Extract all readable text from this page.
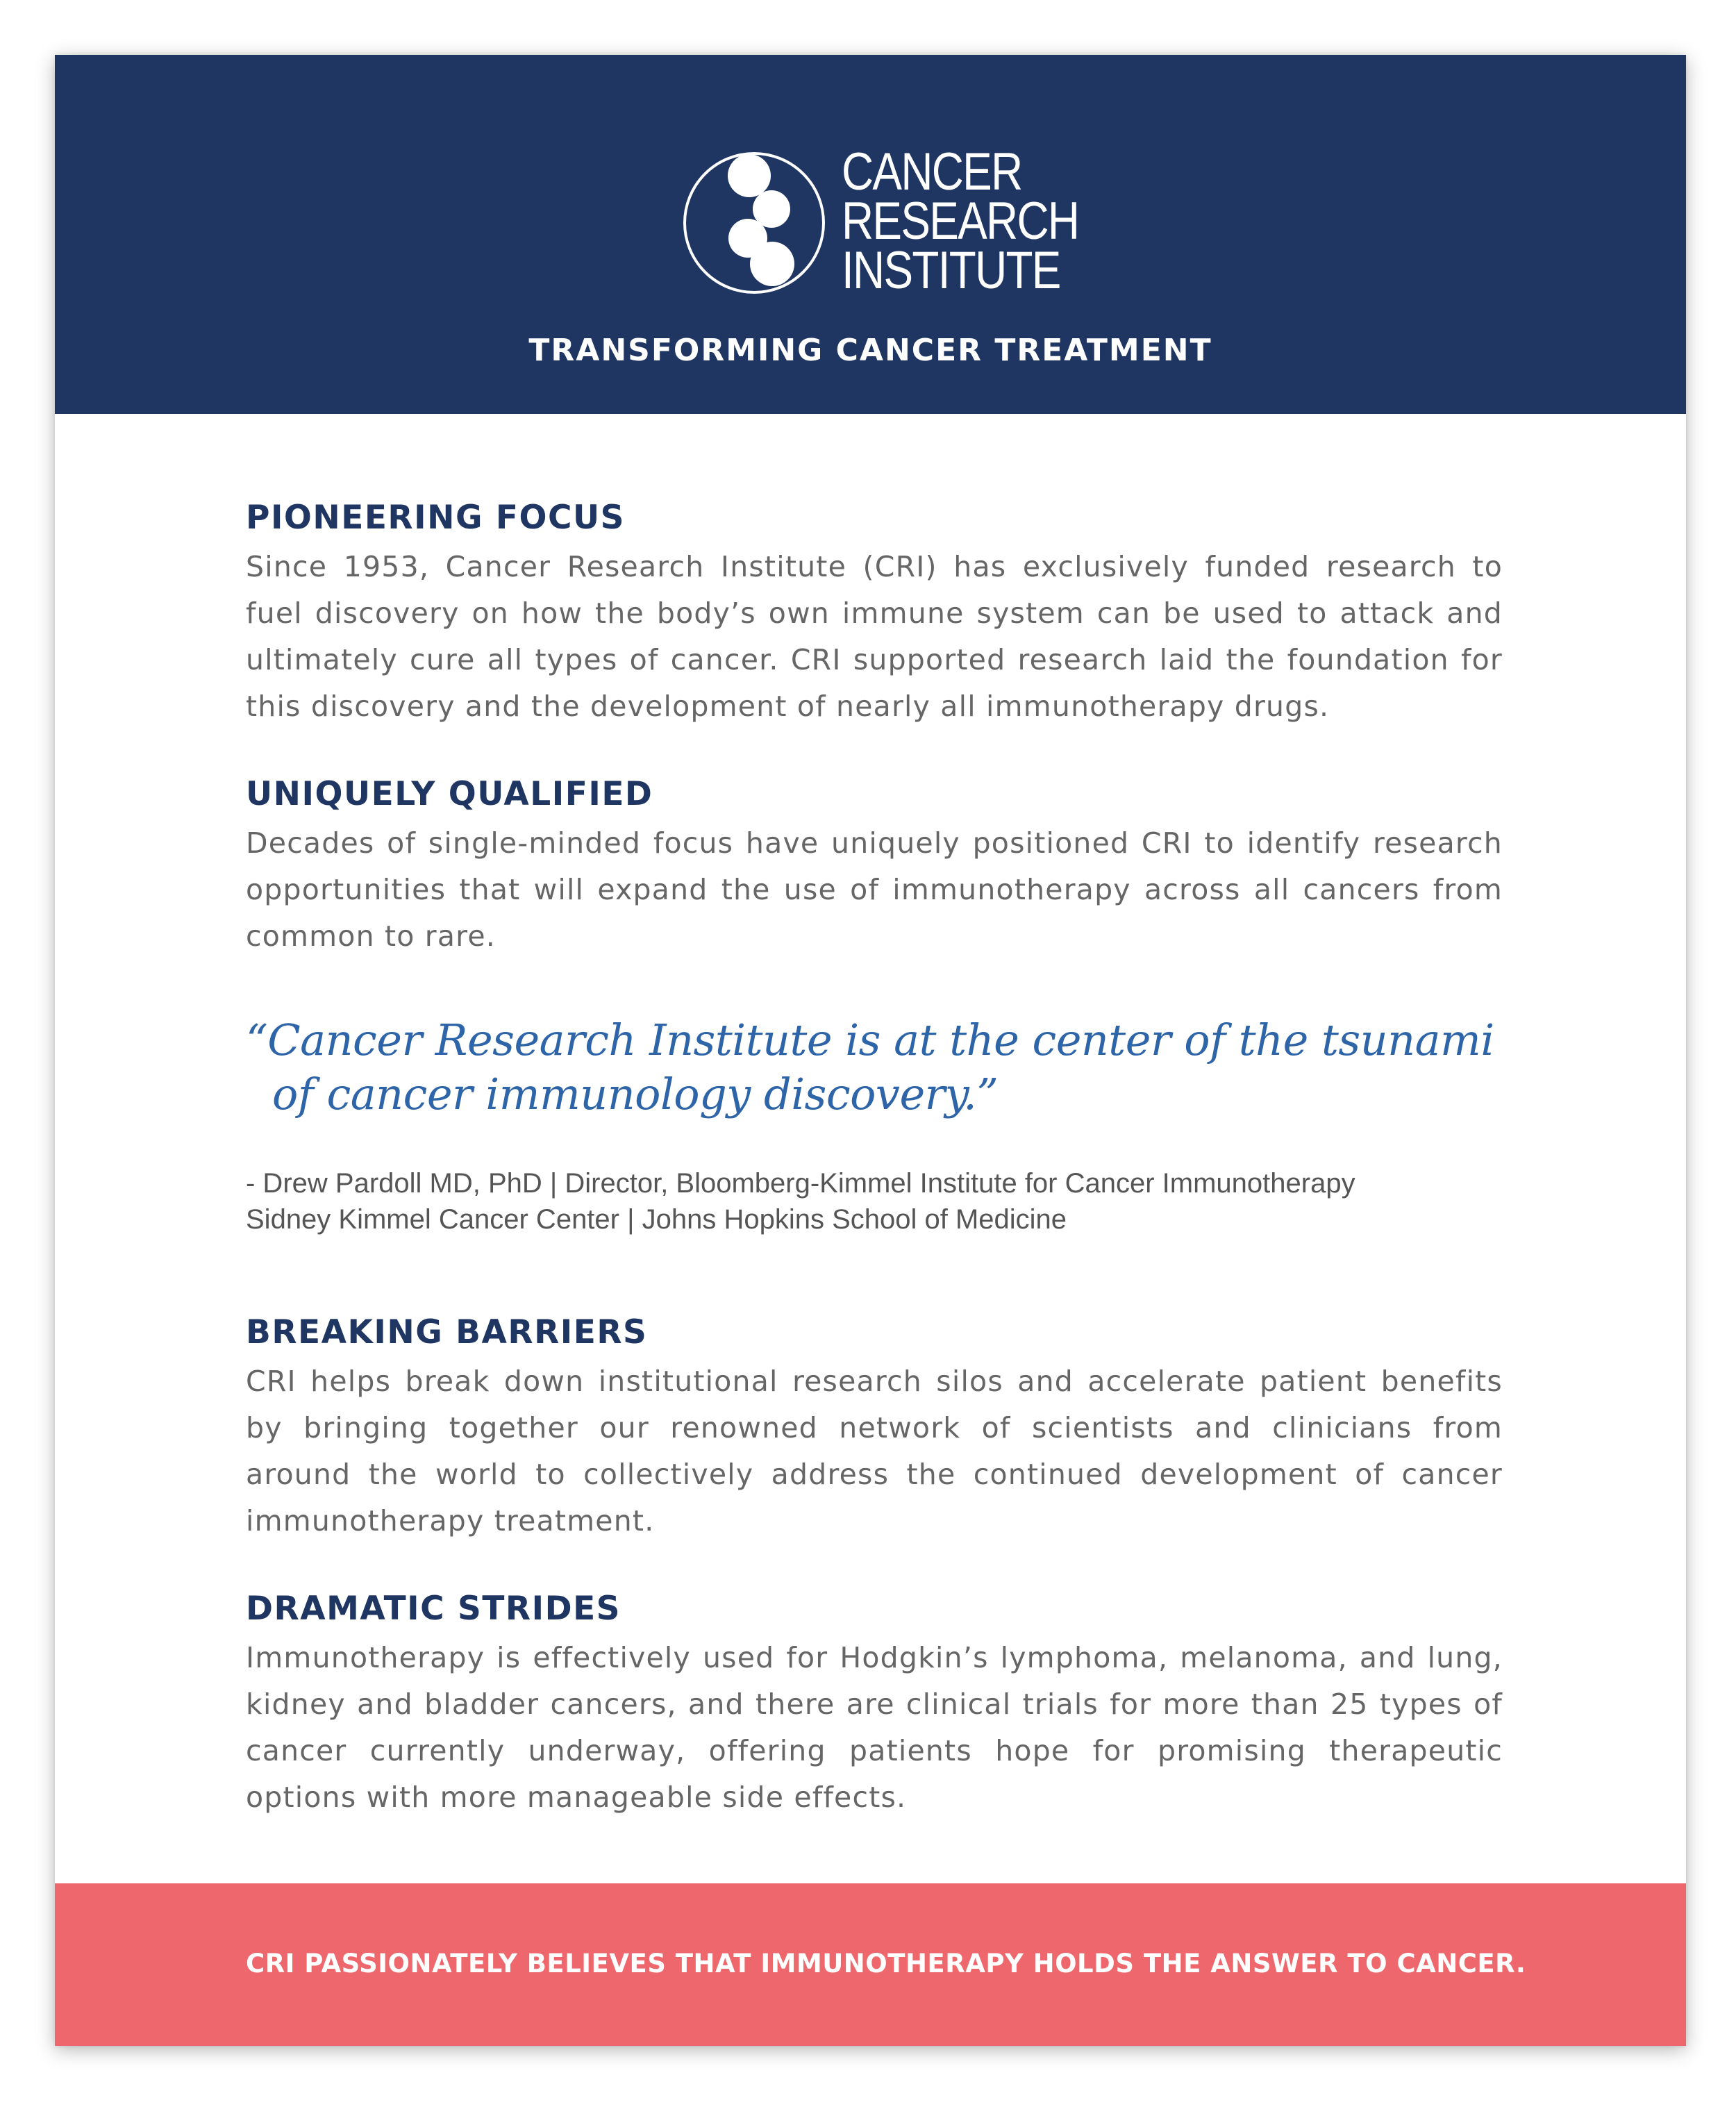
CANCER
RESEARCH
INSTITUTE
TRANSFORMING CANCER TREATMENT
PIONEERING FOCUS

Since 1953, Cancer Research Institute (CRI) has exclusively funded research to fuel discovery on how the body’s own immune system can be used to attack and ultimately cure all types of cancer. CRI supported research laid the foundation for this discovery and the development of nearly all immunotherapy drugs.

UNIQUELY QUALIFIED

Decades of single-minded focus have uniquely positioned CRI to identify research opportunities that will expand the use of immunotherapy across all cancers from common to rare.

“Cancer Research Institute is at the center of the tsunami
of cancer immunology discovery.”

- Drew Pardoll MD, PhD | Director, Bloomberg-Kimmel Institute for Cancer Immunotherapy
Sidney Kimmel Cancer Center | Johns Hopkins School of Medicine

BREAKING BARRIERS

CRI helps break down institutional research silos and accelerate patient benefits by bringing together our renowned network of scientists and clinicians from around the world to collectively address the continued development of cancer immunotherapy treatment.

DRAMATIC STRIDES

Immunotherapy is effectively used for Hodgkin’s lymphoma, melanoma, and lung, kidney and bladder cancers, and there are clinical trials for more than 25 types of cancer currently underway, offering patients hope for promising therapeutic options with more manageable side effects.

CRI PASSIONATELY BELIEVES THAT IMMUNOTHERAPY HOLDS THE ANSWER TO CANCER.
